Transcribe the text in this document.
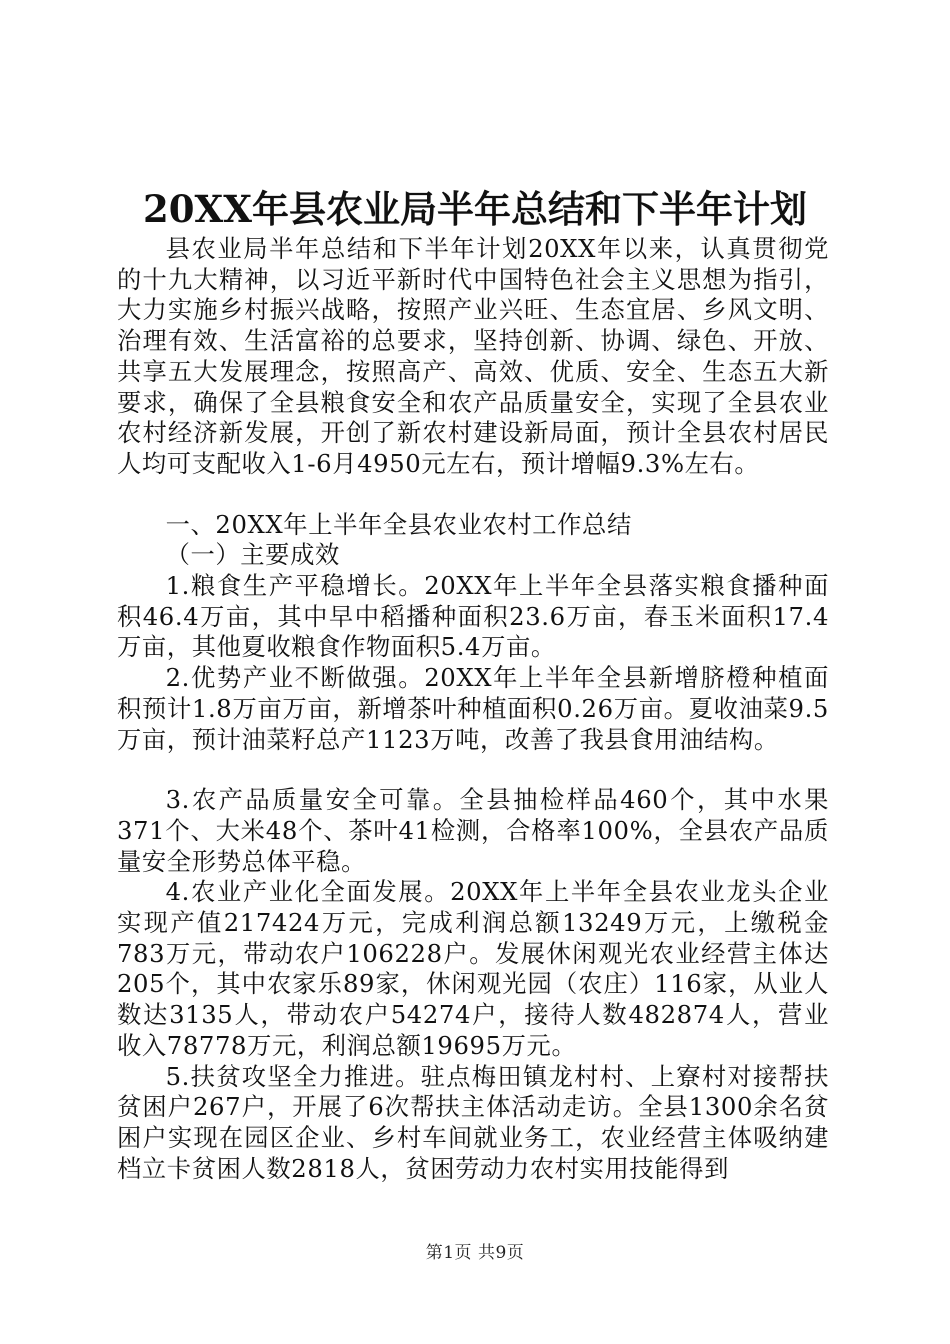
20XX年县农业局半年总结和下半年计划

县农业局半年总结和下半年计划20XX年以来，认真贯彻党的十九大精神，以习近平新时代中国特色社会主义思想为指引，大力实施乡村振兴战略，按照产业兴旺、生态宜居、乡风文明、治理有效、生活富裕的总要求，坚持创新、协调、绿色、开放、共享五大发展理念，按照高产、高效、优质、安全、生态五大新要求，确保了全县粮食安全和农产品质量安全，实现了全县农业农村经济新发展，开创了新农村建设新局面，预计全县农村居民人均可支配收入1-6月4950元左右，预计增幅9.3%左右。

一、20XX年上半年全县农业农村工作总结

（一）主要成效

1.粮食生产平稳增长。20XX年上半年全县落实粮食播种面积46.4万亩，其中早中稻播种面积23.6万亩，春玉米面积17.4万亩，其他夏收粮食作物面积5.4万亩。

2.优势产业不断做强。20XX年上半年全县新增脐橙种植面积预计1.8万亩万亩，新增茶叶种植面积0.26万亩。夏收油菜9.5万亩，预计油菜籽总产1123万吨，改善了我县食用油结构。

3.农产品质量安全可靠。全县抽检样品460个，其中水果371个、大米48个、茶叶41检测，合格率100%，全县农产品质量安全形势总体平稳。

4.农业产业化全面发展。20XX年上半年全县农业龙头企业实现产值217424万元，完成利润总额13249万元，上缴税金783万元，带动农户106228户。发展休闲观光农业经营主体达205个，其中农家乐89家，休闲观光园（农庄）116家，从业人数达3135人，带动农户54274户，接待人数482874人，营业收入78778万元，利润总额19695万元。

5.扶贫攻坚全力推进。驻点梅田镇龙村村、上寮村对接帮扶贫困户267户，开展了6次帮扶主体活动走访。全县1300余名贫困户实现在园区企业、乡村车间就业务工，农业经营主体吸纳建档立卡贫困人数2818人，贫困劳动力农村实用技能得到

第1页 共9页
